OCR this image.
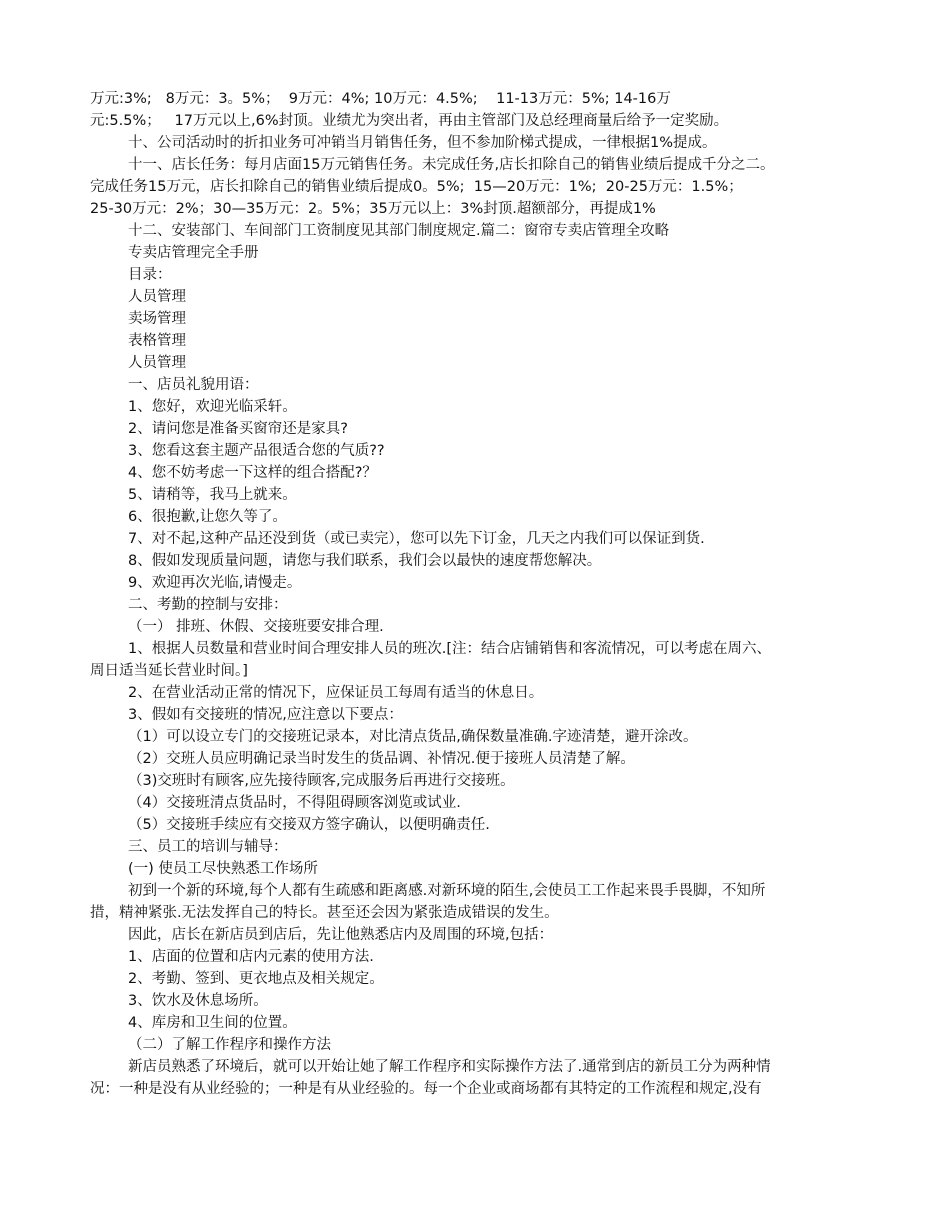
万元:3%;   8万元：3。5%；  9万元：4%; 10万元：4.5%;    11-13万元：5%; 14-16万
元:5.5%；   17万元以上,6%封顶。业绩尤为突出者，再由主管部门及总经理商量后给予一定奖励。
十、公司活动时的折扣业务可冲销当月销售任务，但不参加阶梯式提成，一律根据1%提成。
十一、店长任务：每月店面15万元销售任务。未完成任务,店长扣除自己的销售业绩后提成千分之二。
完成任务15万元，店长扣除自己的销售业绩后提成0。5%;  15—20万元：1%;  20-25万元：1.5%；
25-30万元：2%；30—35万元：2。5%；35万元以上：3%封顶.超额部分，再提成1%
十二、安装部门、车间部门工资制度见其部门制度规定.篇二：窗帘专卖店管理全攻略
专卖店管理完全手册
目录：
人员管理
卖场管理
表格管理
人员管理
一、店员礼貌用语：
1、您好，欢迎光临采轩。
2、请问您是准备买窗帘还是家具?
3、您看这套主题产品很适合您的气质??
4、您不妨考虑一下这样的组合搭配?？
5、请稍等，我马上就来。
6、很抱歉,让您久等了。
7、对不起,这种产品还没到货（或已卖完），您可以先下订金，几天之内我们可以保证到货.
8、假如发现质量问题，请您与我们联系，我们会以最快的速度帮您解决。
9、欢迎再次光临,请慢走。
二、考勤的控制与安排：
（一） 排班、休假、交接班要安排合理.
1、根据人员数量和营业时间合理安排人员的班次.[注：结合店铺销售和客流情况，可以考虑在周六、
周日适当延长营业时间。]
2、在营业活动正常的情况下，应保证员工每周有适当的休息日。
3、假如有交接班的情况,应注意以下要点：
（1）可以设立专门的交接班记录本，对比清点货品,确保数量准确.字迹清楚，避开涂改。
（2）交班人员应明确记录当时发生的货品调、补情况.便于接班人员清楚了解。
（3)交班时有顾客,应先接待顾客,完成服务后再进行交接班。
（4）交接班清点货品时，不得阻碍顾客浏览或试业.
（5）交接班手续应有交接双方签字确认，以便明确责任.
三、员工的培训与辅导：
(一) 使员工尽快熟悉工作场所
初到一个新的环境,每个人都有生疏感和距离感.对新环境的陌生,会使员工工作起来畏手畏脚，不知所
措，精神紧张.无法发挥自己的特长。甚至还会因为紧张造成错误的发生。
因此，店长在新店员到店后，先让他熟悉店内及周围的环境,包括：
1、店面的位置和店内元素的使用方法.
2、考勤、签到、更衣地点及相关规定。
3、饮水及休息场所。
4、库房和卫生间的位置。
（二）了解工作程序和操作方法
新店员熟悉了环境后，就可以开始让她了解工作程序和实际操作方法了.通常到店的新员工分为两种情
况：一种是没有从业经验的；一种是有从业经验的。每一个企业或商场都有其特定的工作流程和规定,没有
